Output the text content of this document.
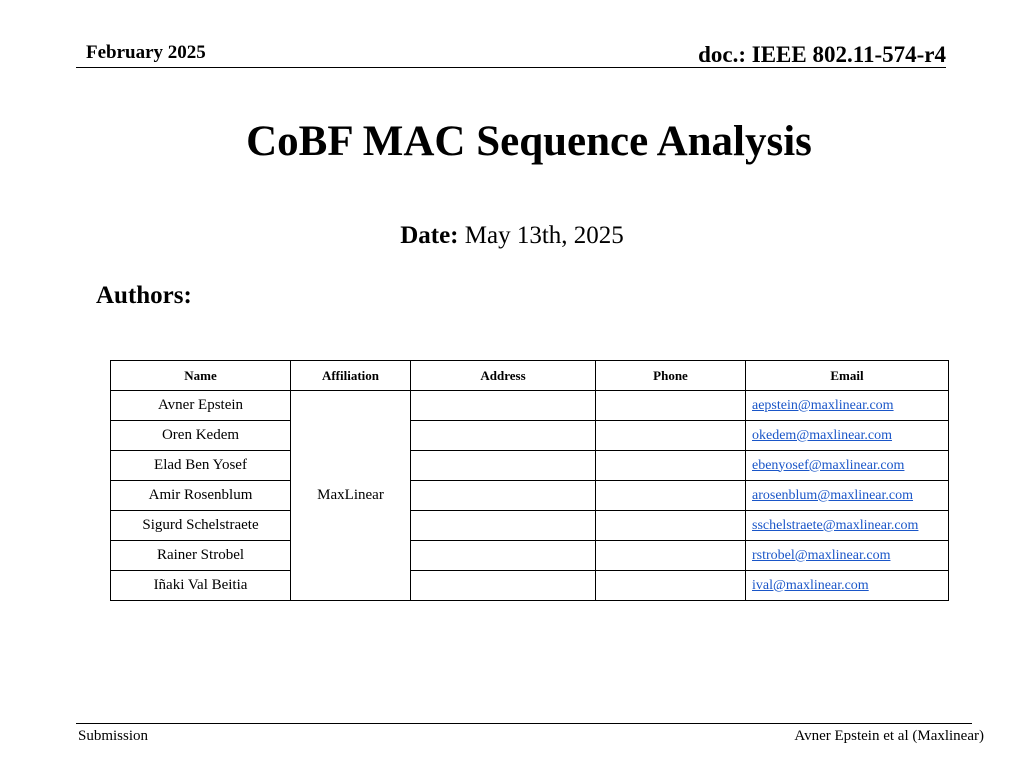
February 2025	doc.: IEEE 802.11-574-r4
CoBF MAC Sequence Analysis
Date: May 13th, 2025
Authors:
Name	Affiliation	Address	Phone	Email
Avner Epstein	MaxLinear			aepstein@maxlinear.com
Oren Kedem				okedem@maxlinear.com
Elad Ben Yosef				ebenyosef@maxlinear.com
Amir Rosenblum				arosenblum@maxlinear.com
Sigurd Schelstraete				sschelstraete@maxlinear.com
Rainer Strobel				rstrobel@maxlinear.com
Iñaki Val Beitia				ival@maxlinear.com
Submission	Avner Epstein et al (Maxlinear)
